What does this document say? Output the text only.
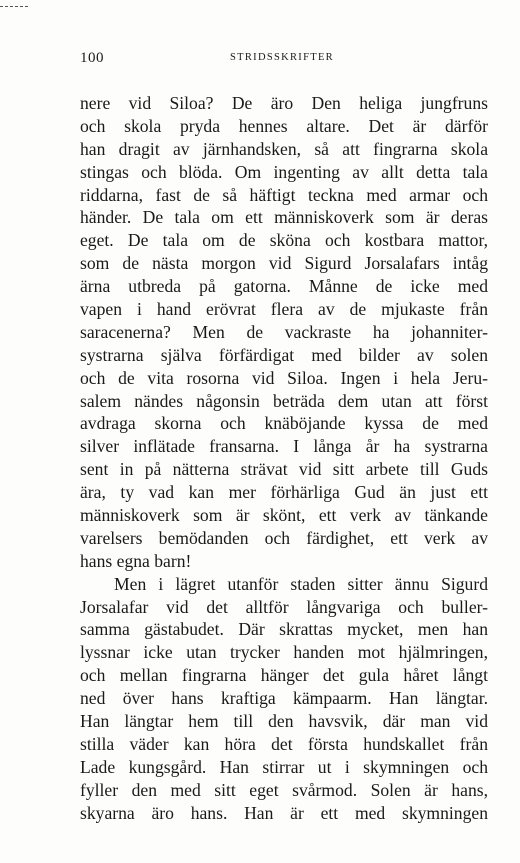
100	STRIDSSKRIFTER
nere vid Siloa? De äro Den heliga jungfruns
och skola pryda hennes altare. Det är därför
han dragit av järnhandsken, så att fingrarna skola
stingas och blöda. Om ingenting av allt detta tala
riddarna, fast de så häftigt teckna med armar och
händer. De tala om ett människoverk som är deras
eget. De tala om de sköna och kostbara mattor,
som de nästa morgon vid Sigurd Jorsalafars intåg
ärna utbreda på gatorna. Månne de icke med
vapen i hand erövrat flera av de mjukaste från
saracenerna? Men de vackraste ha johanniter-
systrarna själva förfärdigat med bilder av solen
och de vita rosorna vid Siloa. Ingen i hela Jeru-
salem nändes någonsin beträda dem utan att först
avdraga skorna och knäböjande kyssa de med
silver inflätade fransarna. I långa år ha systrarna
sent in på nätterna strävat vid sitt arbete till Guds
ära, ty vad kan mer förhärliga Gud än just ett
människoverk som är skönt, ett verk av tänkande
varelsers bemödanden och färdighet, ett verk av
hans egna barn!
Men i lägret utanför staden sitter ännu Sigurd
Jorsalafar vid det alltför långvariga och buller-
samma gästabudet. Där skrattas mycket, men han
lyssnar icke utan trycker handen mot hjälmringen,
och mellan fingrarna hänger det gula håret långt
ned över hans kraftiga kämpaarm. Han längtar.
Han längtar hem till den havsvik, där man vid
stilla väder kan höra det första hundskallet från
Lade kungsgård. Han stirrar ut i skymningen och
fyller den med sitt eget svårmod. Solen är hans,
skyarna äro hans. Han är ett med skymningen
